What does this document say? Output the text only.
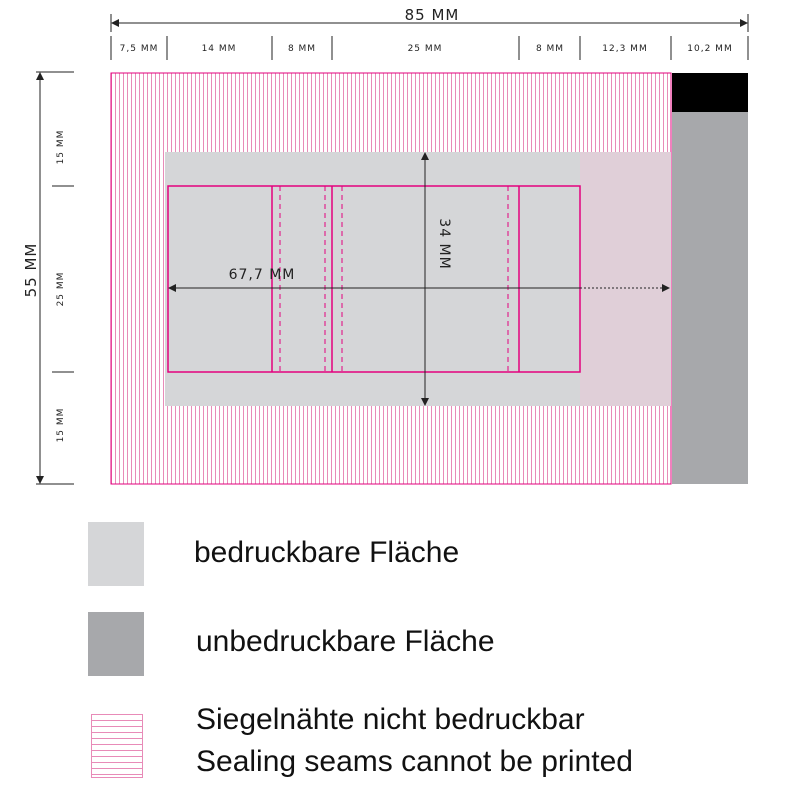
85 MM
7,5 MM	14 MM	8 MM	25 MM	8 MM	12,3 MM	10,2 MM
55 MM
15 MM
25 MM
15 MM
34 MM
67,7 MM
bedruckbare Fläche
unbedruckbare Fläche
Siegelnähte nicht bedruckbar
Sealing seams cannot be printed
